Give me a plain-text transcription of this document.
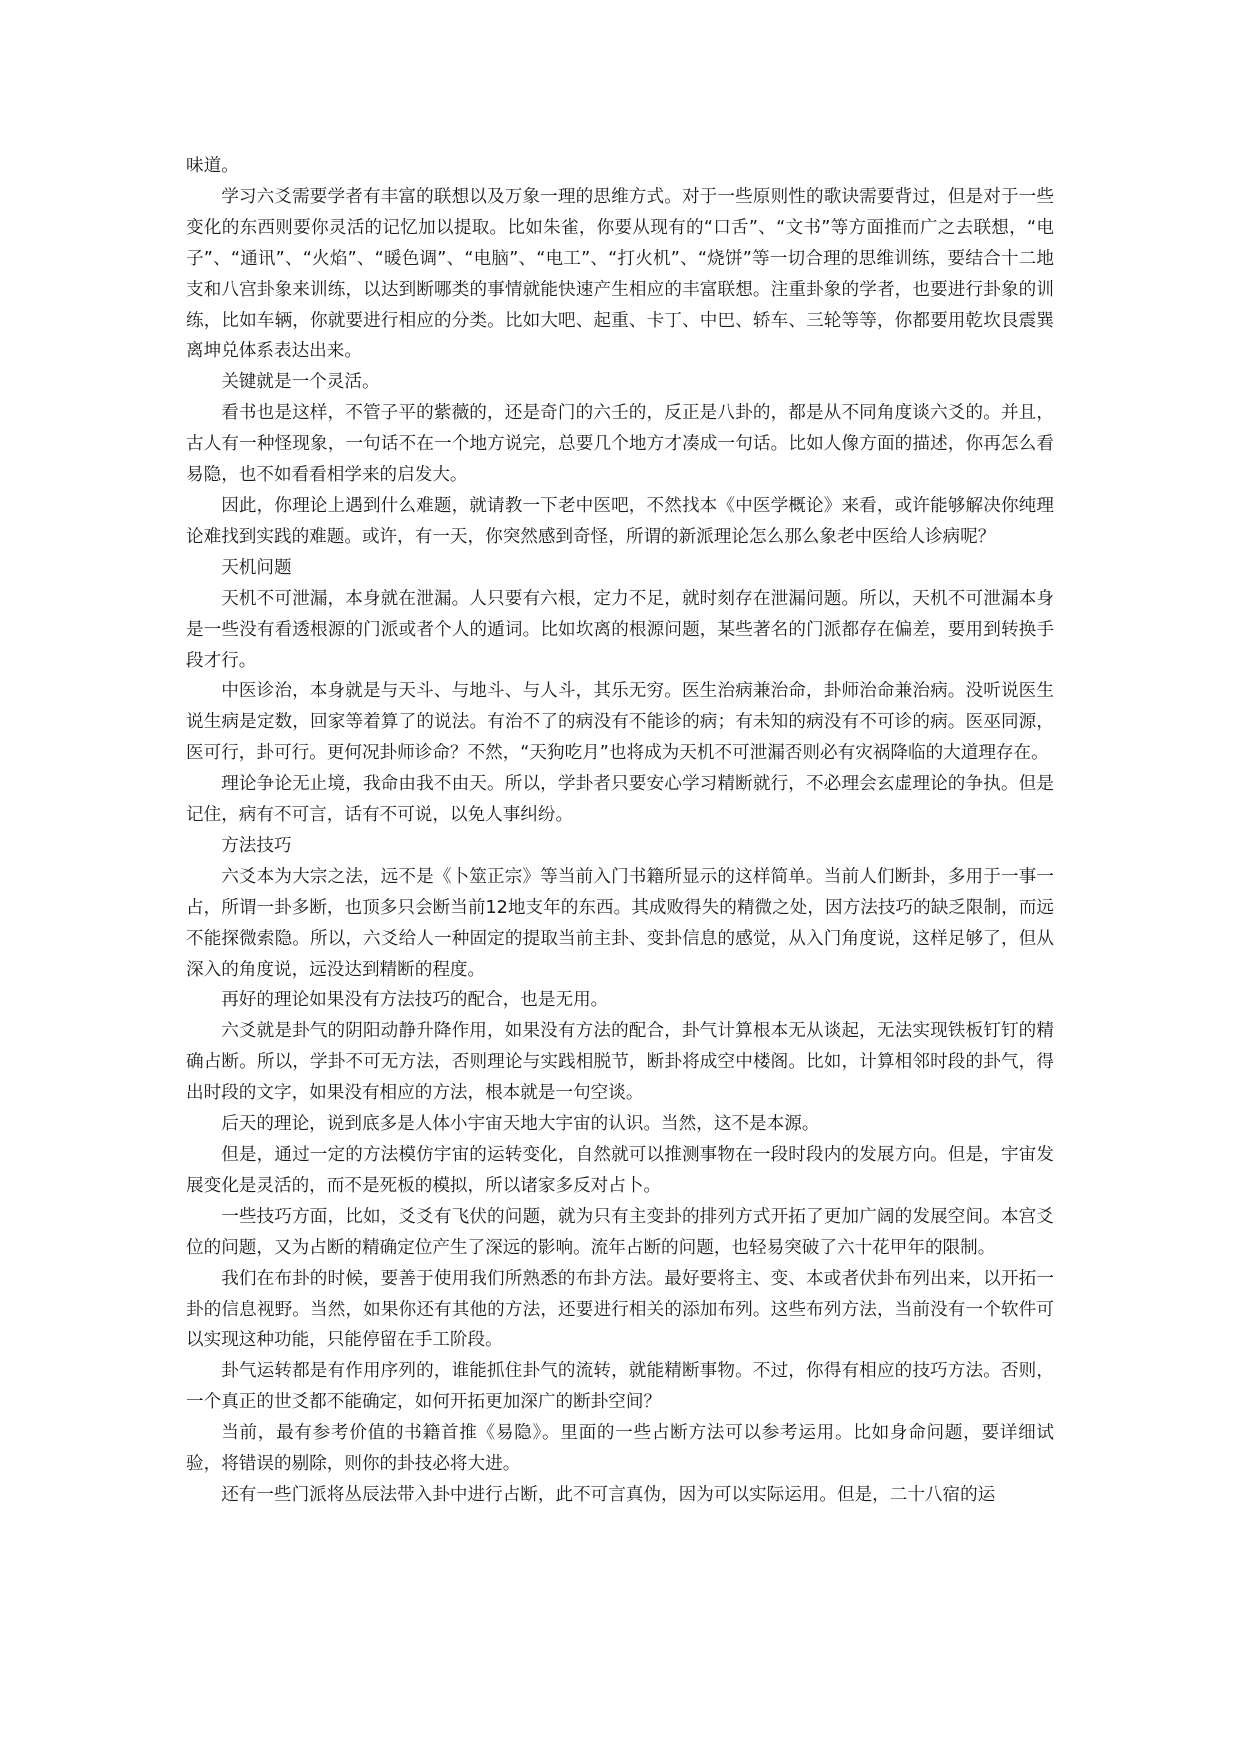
味道。

学习六爻需要学者有丰富的联想以及万象一理的思维方式。对于一些原则性的歌诀需要背过，但是对于一些变化的东西则要你灵活的记忆加以提取。比如朱雀，你要从现有的“口舌”、“文书”等方面推而广之去联想，“电子”、“通讯”、“火焰”、“暖色调”、“电脑”、“电工”、“打火机”、“烧饼”等一切合理的思维训练，要结合十二地支和八宫卦象来训练，以达到断哪类的事情就能快速产生相应的丰富联想。注重卦象的学者，也要进行卦象的训练，比如车辆，你就要进行相应的分类。比如大吧、起重、卡丁、中巴、轿车、三轮等等，你都要用乾坎艮震巽离坤兑体系表达出来。

关键就是一个灵活。

看书也是这样，不管子平的紫薇的，还是奇门的六壬的，反正是八卦的，都是从不同角度谈六爻的。并且，古人有一种怪现象，一句话不在一个地方说完，总要几个地方才凑成一句话。比如人像方面的描述，你再怎么看易隐，也不如看看相学来的启发大。

因此，你理论上遇到什么难题，就请教一下老中医吧，不然找本《中医学概论》来看，或许能够解决你纯理论难找到实践的难题。或许，有一天，你突然感到奇怪，所谓的新派理论怎么那么象老中医给人诊病呢？

天机问题

天机不可泄漏，本身就在泄漏。人只要有六根，定力不足，就时刻存在泄漏问题。所以，天机不可泄漏本身是一些没有看透根源的门派或者个人的遁词。比如坎离的根源问题，某些著名的门派都存在偏差，要用到转换手段才行。

中医诊治，本身就是与天斗、与地斗、与人斗，其乐无穷。医生治病兼治命，卦师治命兼治病。没听说医生说生病是定数，回家等着算了的说法。有治不了的病没有不能诊的病；有未知的病没有不可诊的病。医巫同源，医可行，卦可行。更何况卦师诊命？不然，“天狗吃月”也将成为天机不可泄漏否则必有灾祸降临的大道理存在。

理论争论无止境，我命由我不由天。所以，学卦者只要安心学习精断就行，不必理会玄虚理论的争执。但是记住，病有不可言，话有不可说，以免人事纠纷。

方法技巧

六爻本为大宗之法，远不是《卜筮正宗》等当前入门书籍所显示的这样简单。当前人们断卦，多用于一事一占，所谓一卦多断，也顶多只会断当前12地支年的东西。其成败得失的精微之处，因方法技巧的缺乏限制，而远不能探微索隐。所以，六爻给人一种固定的提取当前主卦、变卦信息的感觉，从入门角度说，这样足够了，但从深入的角度说，远没达到精断的程度。

再好的理论如果没有方法技巧的配合，也是无用。

六爻就是卦气的阴阳动静升降作用，如果没有方法的配合，卦气计算根本无从谈起，无法实现铁板钉钉的精确占断。所以，学卦不可无方法，否则理论与实践相脱节，断卦将成空中楼阁。比如，计算相邻时段的卦气，得出时段的文字，如果没有相应的方法，根本就是一句空谈。

后天的理论，说到底多是人体小宇宙天地大宇宙的认识。当然，这不是本源。

但是，通过一定的方法模仿宇宙的运转变化，自然就可以推测事物在一段时段内的发展方向。但是，宇宙发展变化是灵活的，而不是死板的模拟，所以诸家多反对占卜。

一些技巧方面，比如，爻爻有飞伏的问题，就为只有主变卦的排列方式开拓了更加广阔的发展空间。本宫爻位的问题，又为占断的精确定位产生了深远的影响。流年占断的问题，也轻易突破了六十花甲年的限制。

我们在布卦的时候，要善于使用我们所熟悉的布卦方法。最好要将主、变、本或者伏卦布列出来，以开拓一卦的信息视野。当然，如果你还有其他的方法，还要进行相关的添加布列。这些布列方法，当前没有一个软件可以实现这种功能，只能停留在手工阶段。

卦气运转都是有作用序列的，谁能抓住卦气的流转，就能精断事物。不过，你得有相应的技巧方法。否则，一个真正的世爻都不能确定，如何开拓更加深广的断卦空间？

当前，最有参考价值的书籍首推《易隐》。里面的一些占断方法可以参考运用。比如身命问题，要详细试验，将错误的剔除，则你的卦技必将大进。

还有一些门派将丛辰法带入卦中进行占断，此不可言真伪，因为可以实际运用。但是，二十八宿的运
